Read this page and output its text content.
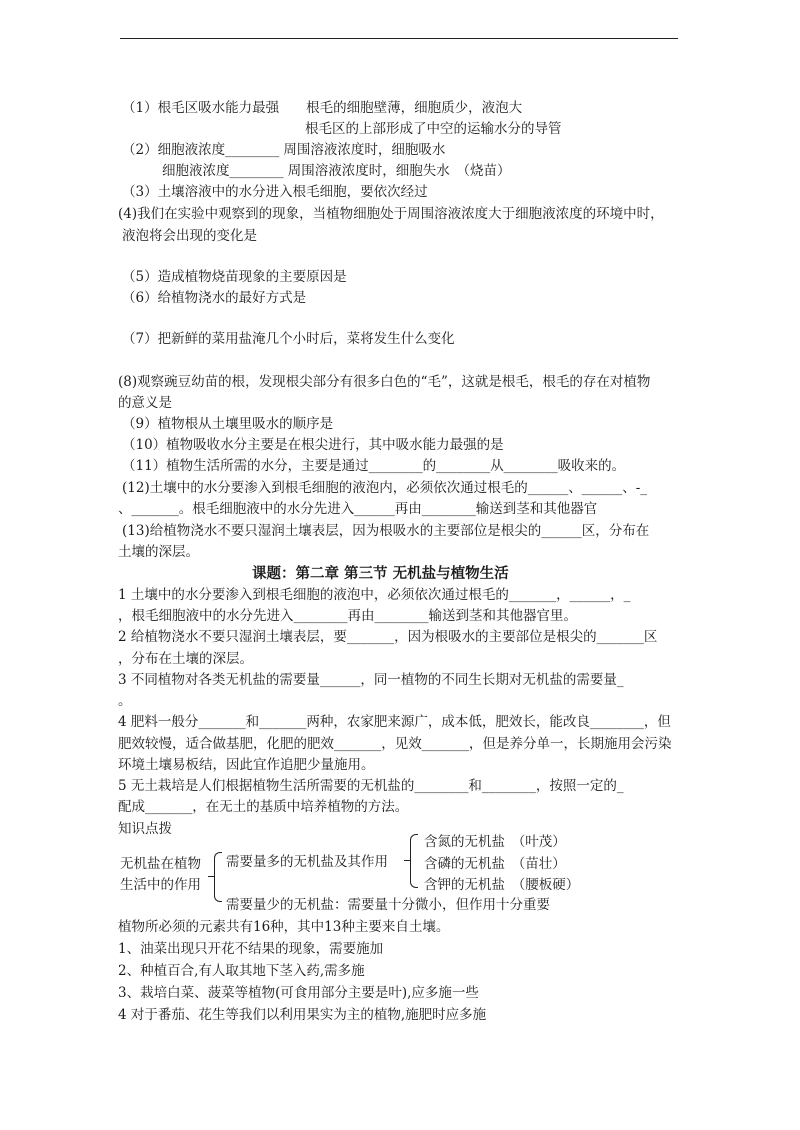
（1）根毛区吸水能力最强　　根毛的细胞壁薄，细胞质少，液泡大
根毛区的上部形成了中空的运输水分的导管
（2）细胞液浓度________ 周围溶液浓度时，细胞吸水
细胞液浓度________ 周围溶液浓度时，细胞失水　（烧苗）
（3）土壤溶液中的水分进入根毛细胞，要依次经过
(4)我们在实验中观察到的现象，当植物细胞处于周围溶液浓度大于细胞液浓度的环境中时，
液泡将会出现的变化是
（5）造成植物烧苗现象的主要原因是
（6）给植物浇水的最好方式是
（7）把新鲜的菜用盐淹几个小时后，菜将发生什么变化
(8)观察豌豆幼苗的根，发现根尖部分有很多白色的“毛”，这就是根毛，根毛的存在对植物
的意义是
（9）植物根从土壤里吸水的顺序是
（10）植物吸收水分主要是在根尖进行，其中吸水能力最强的是
（11）植物生活所需的水分，主要是通过________的________从________吸收来的。
(12)土壤中的水分要渗入到根毛细胞的液泡内，必须依次通过根毛的______、______、-_
、_______。根毛细胞液中的水分先进入______再由________输送到茎和其他器官
(13)给植物浇水不要只湿润土壤表层，因为根吸水的主要部位是根尖的______区，分布在
土壤的深层。
课题：第二章 第三节 无机盐与植物生活
1 土壤中的水分要渗入到根毛细胞的液泡中，必须依次通过根毛的_______，______，_
，根毛细胞液中的水分先进入________再由________输送到茎和其他器官里。
2 给植物浇水不要只湿润土壤表层，要_______，因为根吸水的主要部位是根尖的_______区
，分布在土壤的深层。
3 不同植物对各类无机盐的需要量______，同一植物的不同生长期对无机盐的需要量_
。
4 肥料一般分_______和_______两种，农家肥来源广，成本低，肥效长，能改良________，但
肥效较慢，适合做基肥，化肥的肥效_______，见效_______，但是养分单一，长期施用会污染
环境土壤易板结，因此宜作追肥少量施用。
5 无土栽培是人们根据植物生活所需要的无机盐的________和________，按照一定的_
配成_______，在无土的基质中培养植物的方法。
知识点拨
无机盐在植物
生活中的作用
需要量多的无机盐及其作用
含氮的无机盐　（叶茂）
含磷的无机盐　（苗壮）
含钾的无机盐　（腰板硬）
需要量少的无机盐：需要量十分微小，但作用十分重要
植物所必须的元素共有16种，其中13种主要来自土壤。
1、油菜出现只开花不结果的现象，需要施加
2、种植百合,有人取其地下茎入药,需多施
3、栽培白菜、菠菜等植物(可食用部分主要是叶),应多施一些
4 对于番茄、花生等我们以利用果实为主的植物,施肥时应多施
